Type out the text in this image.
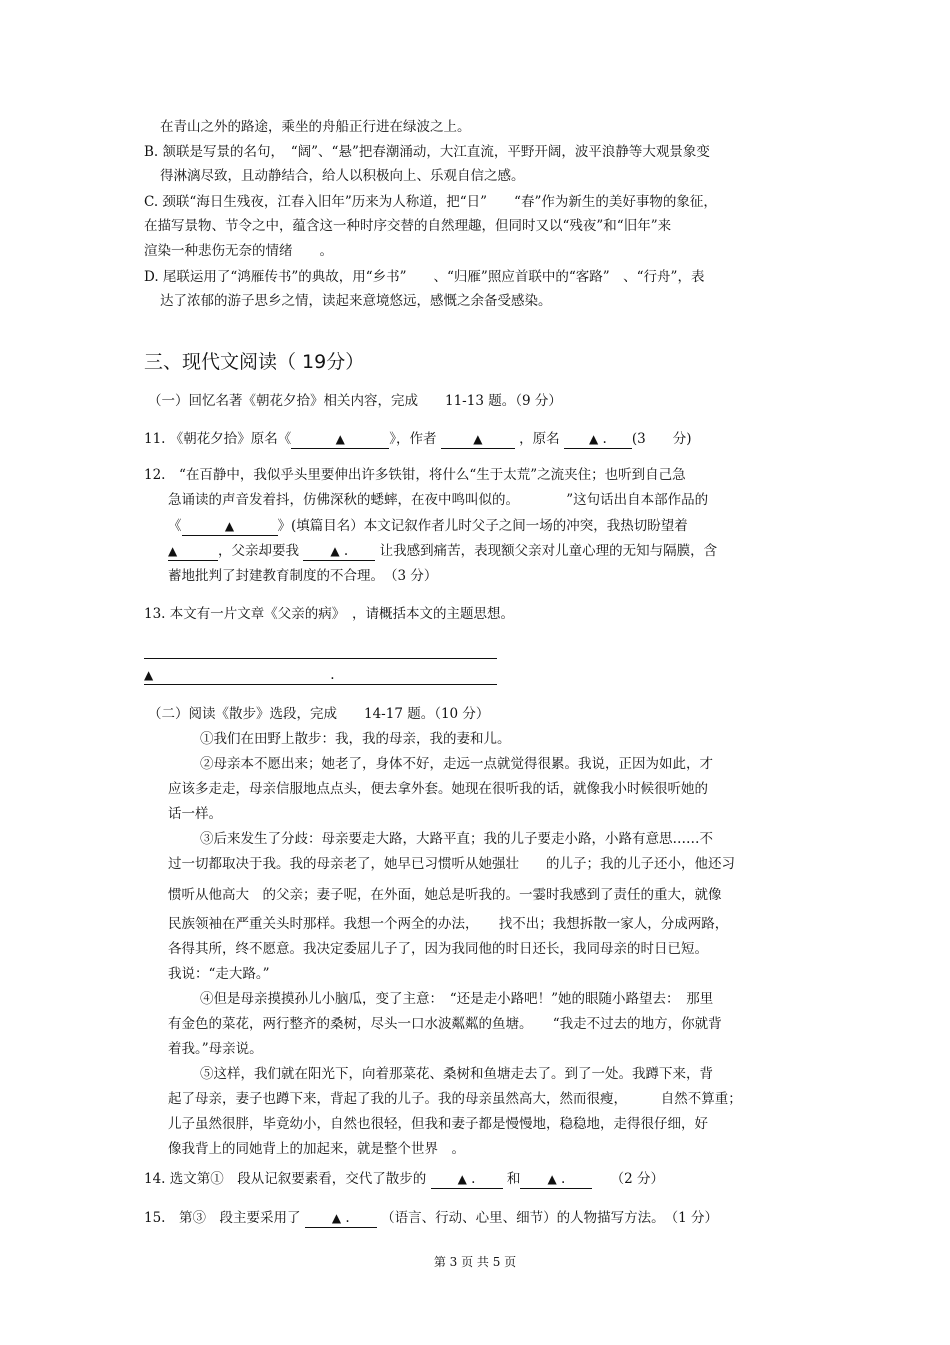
在青山之外的路途，乘坐的舟船正行进在绿波之上。
B. 颔联是写景的名句，　“阔”、“悬”把春潮涌动，大江直流，平野开阔，波平浪静等大观景象变
得淋漓尽致，且动静结合，给人以积极向上、乐观自信之感。
C. 颈联“海日生残夜，江春入旧年”历来为人称道，把“日”　　“春”作为新生的美好事物的象征，
在描写景物、节令之中，蕴含这一种时序交替的自然理趣，但同时又以“残夜”和“旧年”来
渲染一种悲伤无奈的情绪　　。
D. 尾联运用了“鸿雁传书”的典故，用“乡书”　　、“归雁”照应首联中的“客路”　、“行舟”，表
达了浓郁的游子思乡之情，读起来意境悠远，感慨之余备受感染。
三、现代文阅读（ 19分）
（一）回忆名著《朝花夕拾》相关内容，完成　　11-13 题。（9 分）
11. 《朝花夕拾》原名《	▲	》，作者	▲	，原名 ▲ . (3　　分)
12.　“在百静中，我似乎头里要伸出许多铁钳，将什么“生于太荒”之流夹住；也听到自己急
急诵读的声音发着抖，仿佛深秋的蟋蟀，在夜中鸣叫似的。　　　　”这句话出自本部作品的
《	▲	》(填篇目名）本文记叙作者儿时父子之间一场的冲突，我热切盼望着
▲	，父亲却要我	▲ . 让我感到痛苦，表现额父亲对儿童心理的无知与隔膜，含
蓄地批判了封建教育制度的不合理。　（3 分）
13. 本文有一片文章《父亲的病》　，请概括本文的主题思想。
▲	.
（二）阅读《散步》选段，完成　　14-17 题。（10 分）
①我们在田野上散步：我，我的母亲，我的妻和儿。
②母亲本不愿出来；她老了，身体不好，走远一点就觉得很累。我说，正因为如此，才
应该多走走，母亲信服地点点头，便去拿外套。她现在很听我的话，就像我小时候很听她的
话一样。
③后来发生了分歧：母亲要走大路，大路平直；我的儿子要走小路，小路有意思……不
过一切都取决于我。我的母亲老了，她早已习惯听从她强壮　　的儿子；我的儿子还小，他还习
惯听从他高大　的父亲；妻子呢，在外面，她总是听我的。一霎时我感到了责任的重大，就像
民族领袖在严重关头时那样。我想一个两全的办法，　　找不出；我想拆散一家人，分成两路，
各得其所，终不愿意。我决定委屈儿子了，因为我同他的时日还长，我同母亲的时日已短。
我说：“走大路。”
④但是母亲摸摸孙儿小脑瓜，变了主意：　“还是走小路吧！”她的眼随小路望去：　那里
有金色的菜花，两行整齐的桑树，尽头一口水波粼粼的鱼塘。　　“我走不过去的地方，你就背
着我。”母亲说。
⑤这样，我们就在阳光下，向着那菜花、桑树和鱼塘走去了。到了一处。我蹲下来，背
起了母亲，妻子也蹲下来，背起了我的儿子。我的母亲虽然高大，然而很瘦，　　　自然不算重；
儿子虽然很胖，毕竟幼小，自然也很轻，但我和妻子都是慢慢地，稳稳地，走得很仔细，好
像我背上的同她背上的加起来，就是整个世界　。
14. 选文第①　段从记叙要素看，交代了散步的	▲ . 和 ▲ .	（2 分）
15.　第③　段主要采用了	▲ . （语言、行动、心里、细节）的人物描写方法。　（1 分）
第 3 页 共 5 页
